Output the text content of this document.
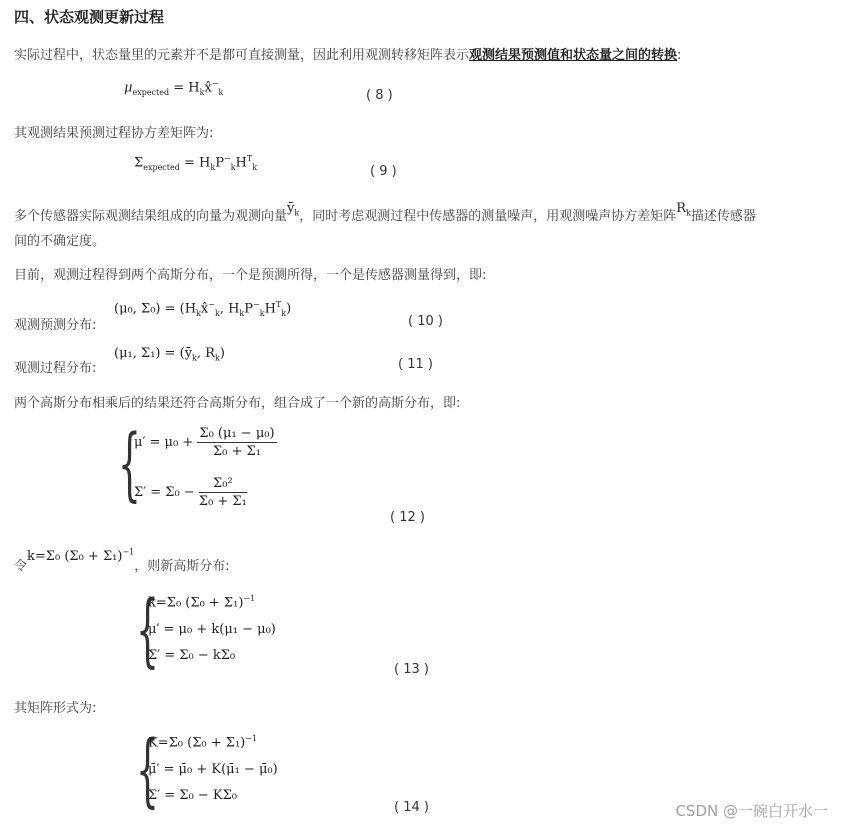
四、状态观测更新过程
实际过程中，状态量里的元素并不是都可直接测量，因此利用观测转移矩阵表示观测结果预测值和状态量之间的转换:
$\mu_{expected}$ = $H_kx̂^-_k$	( 8 )
其观测结果预测过程协方差矩阵为:
$\Sigma_{expected} = H_kP^-_kH^T_k$	( 9 )
多个传感器实际观测结果组成的向量为观测向量$ȳ_k$，同时考虑观测过程中传感器的测量噪声，用观测噪声协方差矩阵$R_k$描述传感器
间的不确定度。
目前，观测过程得到两个高斯分布，一个是预测所得，一个是传感器测量得到，即:
观测预测分布:
(μ₀, $\Sigma_0) = (H_kx̂^-_k$, $H_kP^-_kH^T_k$)
( 10 )
观测过程分布:
(μ₁, $\Sigma_1) = (ȳ_k$, $R_k$)
( 11 )
两个高斯分布相乘后的结果还符合高斯分布，组合成了一个新的高斯分布，即:
{
$\mu' = \mu_0 + \frac{\text{Σ₀ (μ₁ − μ₀)}}{\text{Σ₀ + Σ₁}}$
$\Sigma' = \Sigma_0 - \frac{\text{Σ₀²}}{\text{Σ₀ + Σ₁}}$
( 12 )
令k=Σ₀ $(\Sigma_0 + \Sigma_1)^{-1}$，则新高斯分布:
{
k=Σ₀ $(\Sigma_0 + \Sigma_1)^{-1}$
μ′ = μ₀ + k(μ₁ − μ₀)
Σ′ = Σ₀ − kΣ₀
( 13 )
其矩阵形式为:
{
K=Σ₀ $(\Sigma_0 + \Sigma_1)^{-1}$
μ̄′ = μ̄₀ + K(μ̄₁ − μ̄₀)
Σ′ = Σ₀ − KΣ₀
( 14 )	CSDN @一碗白开水一
